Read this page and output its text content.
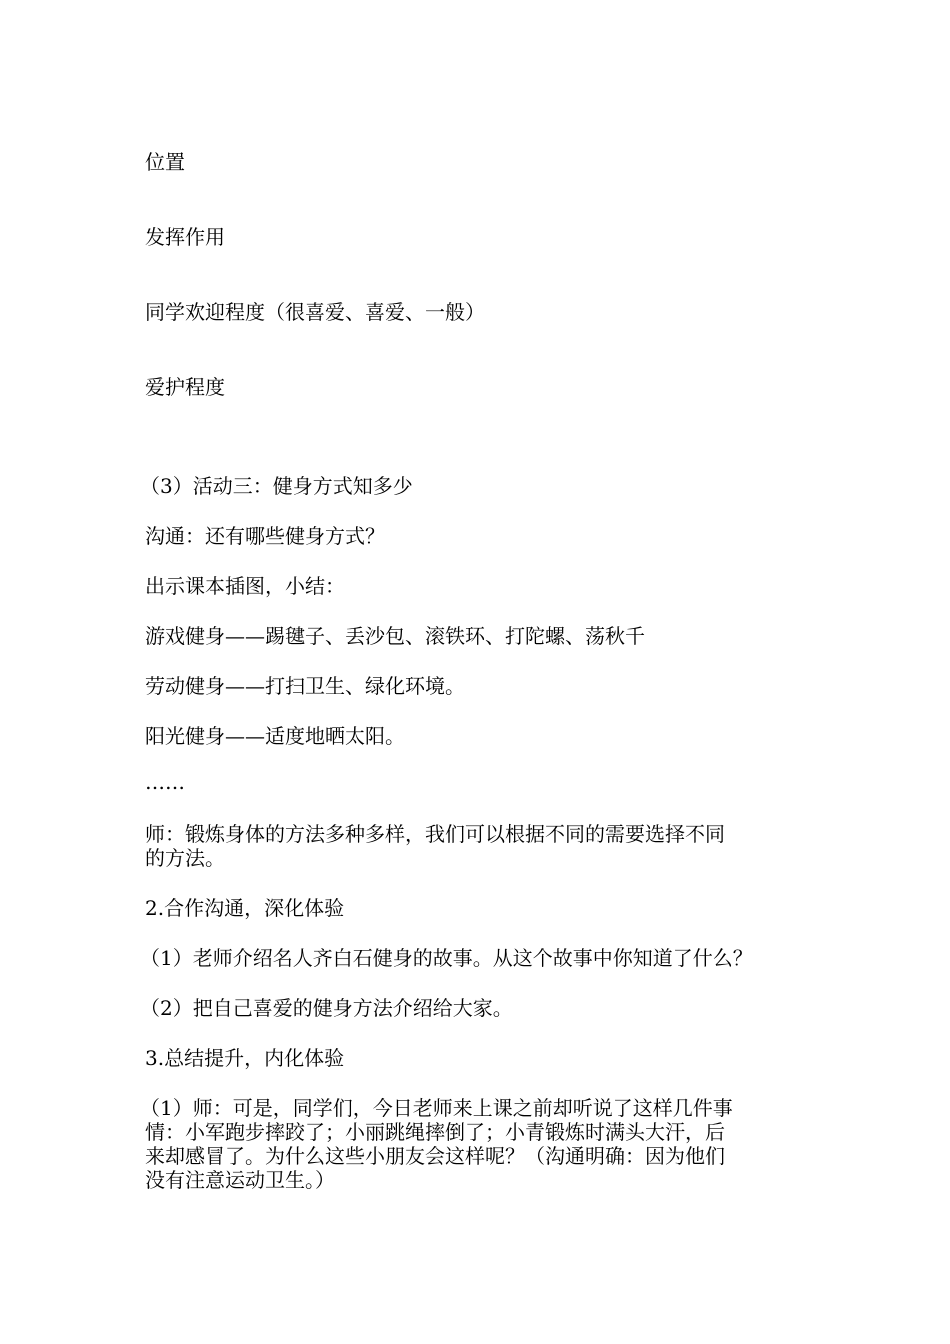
位置
发挥作用
同学欢迎程度（很喜爱、喜爱、一般）
爱护程度
（3）活动三：健身方式知多少
沟通：还有哪些健身方式？
出示课本插图，小结：
游戏健身——踢毽子、丢沙包、滚铁环、打陀螺、荡秋千
劳动健身——打扫卫生、绿化环境。
阳光健身——适度地晒太阳。
……
师：锻炼身体的方法多种多样，我们可以根据不同的需要选择不同
的方法。
2.合作沟通，深化体验
（1）老师介绍名人齐白石健身的故事。从这个故事中你知道了什么？
（2）把自己喜爱的健身方法介绍给大家。
3.总结提升，内化体验
（1）师：可是，同学们，今日老师来上课之前却听说了这样几件事
情：小军跑步摔跤了；小丽跳绳摔倒了；小青锻炼时满头大汗，后
来却感冒了。为什么这些小朋友会这样呢？（沟通明确：因为他们
没有注意运动卫生。）
